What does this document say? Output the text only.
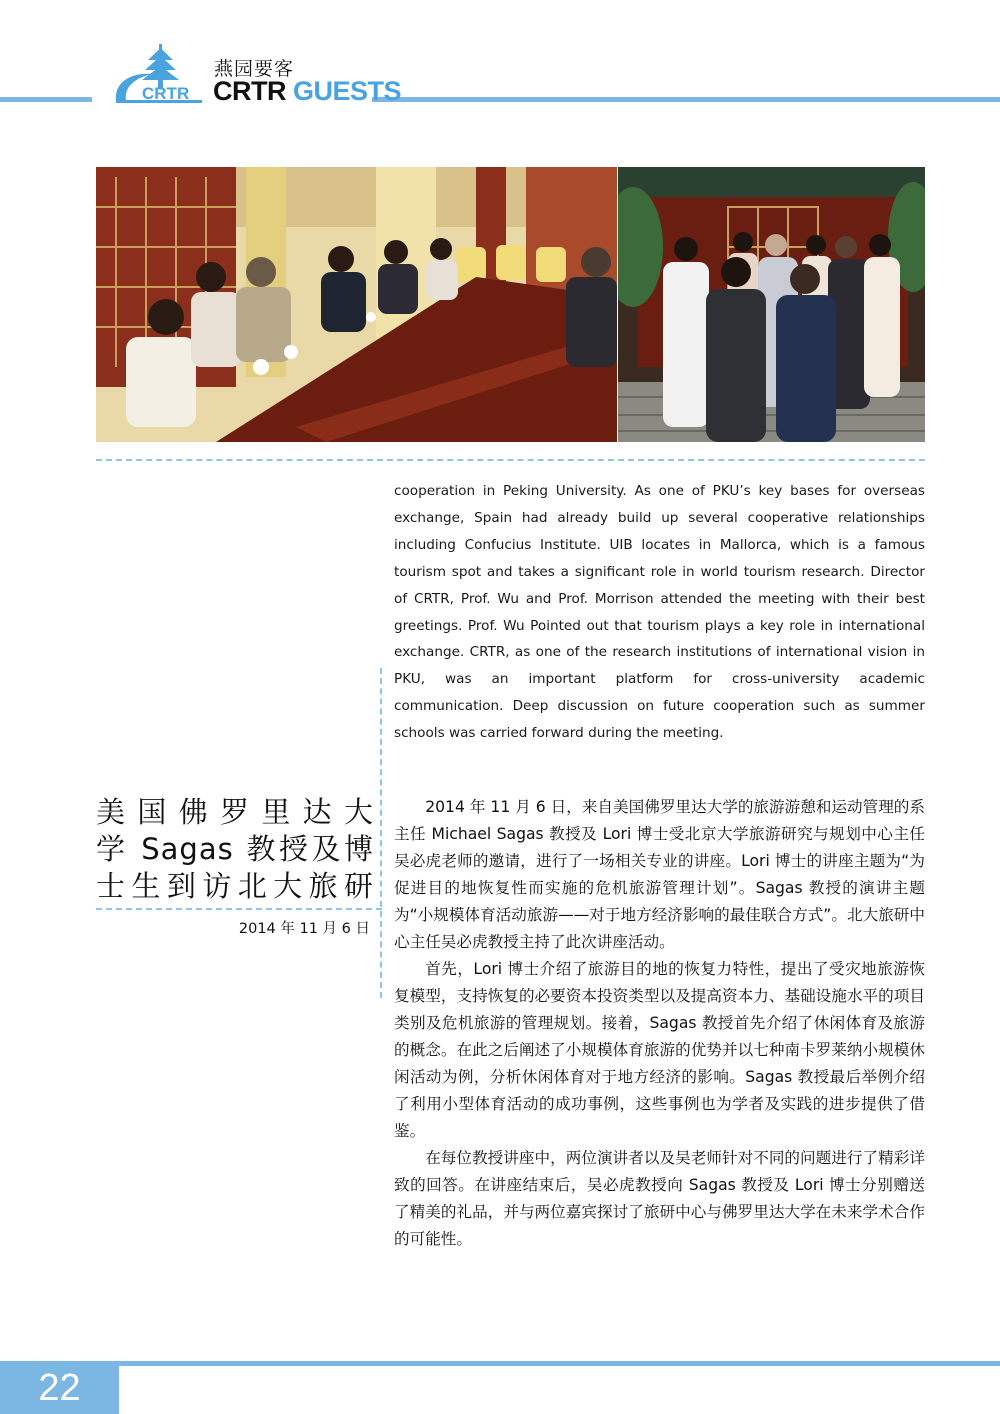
CRTR
燕园要客
CRTR GUESTS
cooperation in Peking University. As one of PKU’s key bases for overseas exchange, Spain had already build up several cooperative relationships including Confucius Institute. UIB locates in Mallorca, which is a famous tourism spot and takes a significant role in world tourism research. Director of CRTR, Prof. Wu and Prof. Morrison attended the meeting with their best greetings. Prof. Wu Pointed out that tourism plays a key role in international exchange. CRTR, as one of the research institutions of international vision in PKU, was an important platform for cross-university academic communication. Deep discussion on future cooperation such as summer schools was carried forward during the meeting.
美国佛罗里达大
学 Sagas 教授及博
士生到访北大旅研
2014 年 11 月 6 日

2014 年 11 月 6 日，来自美国佛罗里达大学的旅游游憩和运动管理的系主任 Michael Sagas 教授及 Lori 博士受北京大学旅游研究与规划中心主任吴必虎老师的邀请，进行了一场相关专业的讲座。Lori 博士的讲座主题为“为促进目的地恢复性而实施的危机旅游管理计划”。Sagas 教授的演讲主题为“小规模体育活动旅游——对于地方经济影响的最佳联合方式”。北大旅研中心主任吴必虎教授主持了此次讲座活动。

首先，Lori 博士介绍了旅游目的地的恢复力特性，提出了受灾地旅游恢复模型，支持恢复的必要资本投资类型以及提高资本力、基础设施水平的项目类别及危机旅游的管理规划。接着，Sagas 教授首先介绍了休闲体育及旅游的概念。在此之后阐述了小规模体育旅游的优势并以七种南卡罗莱纳小规模休闲活动为例，分析休闲体育对于地方经济的影响。Sagas 教授最后举例介绍了利用小型体育活动的成功事例，这些事例也为学者及实践的进步提供了借鉴。

在每位教授讲座中，两位演讲者以及吴老师针对不同的问题进行了精彩详致的回答。在讲座结束后，吴必虎教授向 Sagas 教授及 Lori 博士分别赠送了精美的礼品，并与两位嘉宾探讨了旅研中心与佛罗里达大学在未来学术合作的可能性。

22
